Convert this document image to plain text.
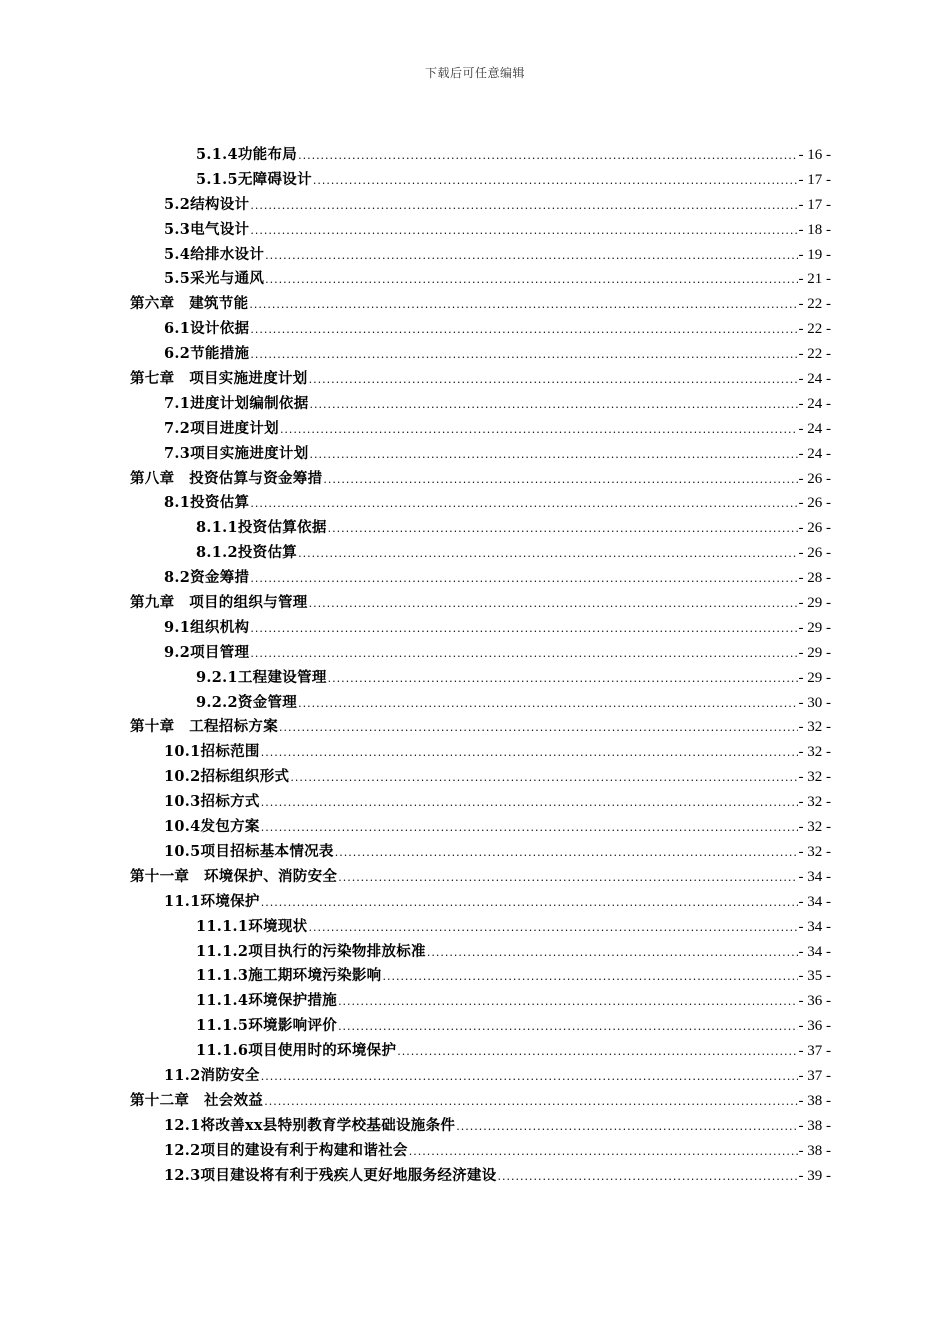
下载后可任意编辑
5.1.4功能布局 .....	- 16 -
5.1.5无障碍设计 .....	- 17 -
5.2结构设计 .....	- 17 -
5.3电气设计 .....	- 18 -
5.4给排水设计 .....	- 19 -
5.5采光与通风 .....	- 21 -
第六章　建筑节能 .....	- 22 -
6.1设计依据 .....	- 22 -
6.2节能措施 .....	- 22 -
第七章　项目实施进度计划 .....	- 24 -
7.1进度计划编制依据 .....	- 24 -
7.2项目进度计划 .....	- 24 -
7.3项目实施进度计划 .....	- 24 -
第八章　投资估算与资金筹措 .....	- 26 -
8.1投资估算 .....	- 26 -
8.1.1投资估算依据 .....	- 26 -
8.1.2投资估算 .....	- 26 -
8.2资金筹措 .....	- 28 -
第九章　项目的组织与管理 .....	- 29 -
9.1组织机构 .....	- 29 -
9.2项目管理 .....	- 29 -
9.2.1工程建设管理 .....	- 29 -
9.2.2资金管理 .....	- 30 -
第十章　工程招标方案 .....	- 32 -
10.1招标范围 .....	- 32 -
10.2招标组织形式 .....	- 32 -
10.3招标方式 .....	- 32 -
10.4发包方案 .....	- 32 -
10.5项目招标基本情况表 .....	- 32 -
第十一章　环境保护、消防安全 .....	- 34 -
11.1环境保护 .....	- 34 -
11.1.1环境现状 .....	- 34 -
11.1.2项目执行的污染物排放标准 .....	- 34 -
11.1.3施工期环境污染影响 .....	- 35 -
11.1.4环境保护措施 .....	- 36 -
11.1.5环境影响评价 .....	- 36 -
11.1.6项目使用时的环境保护 .....	- 37 -
11.2消防安全 .....	- 37 -
第十二章　社会效益 .....	- 38 -
12.1将改善xx县特别教育学校基础设施条件 .....	- 38 -
12.2项目的建设有利于构建和谐社会 .....	- 38 -
12.3项目建设将有利于残疾人更好地服务经济建设 .....	- 39 -
